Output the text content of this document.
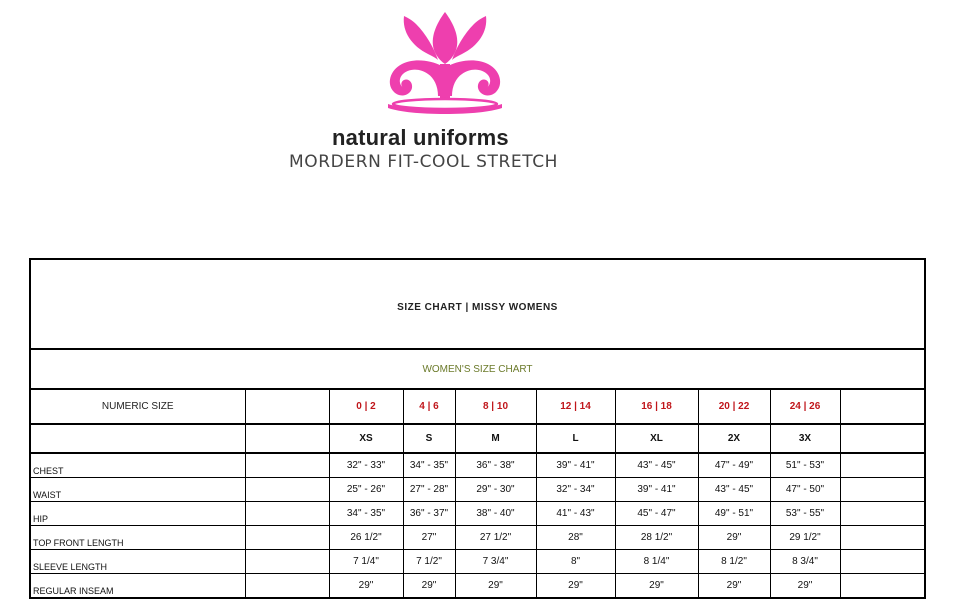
natural uniforms
MORDERN FIT-COOL STRETCH
SIZE CHART | MISSY WOMENS									
WOMEN'S SIZE CHART									
NUMERIC SIZE		0 | 2	4 | 6	8 | 10	12 | 14	16 | 18	20 | 22	24 | 26	
		XS	S	M	L	XL	2X	3X	
CHEST		32" - 33"	34" - 35"	36" - 38"	39" - 41"	43" - 45"	47" - 49"	51" - 53"	
WAIST		25" - 26"	27" - 28"	29" - 30"	32" - 34"	39" - 41"	43" - 45"	47" - 50"	
HIP		34" - 35"	36" - 37"	38" - 40"	41" - 43"	45" - 47"	49" - 51"	53" - 55"	
TOP FRONT LENGTH		26 1/2"	27"	27 1/2"	28"	28 1/2"	29"	29 1/2"	
SLEEVE LENGTH		7 1/4"	7 1/2"	7 3/4"	8"	8 1/4"	8 1/2"	8 3/4"	
REGULAR INSEAM		29"	29"	29"	29"	29"	29"	29"	
